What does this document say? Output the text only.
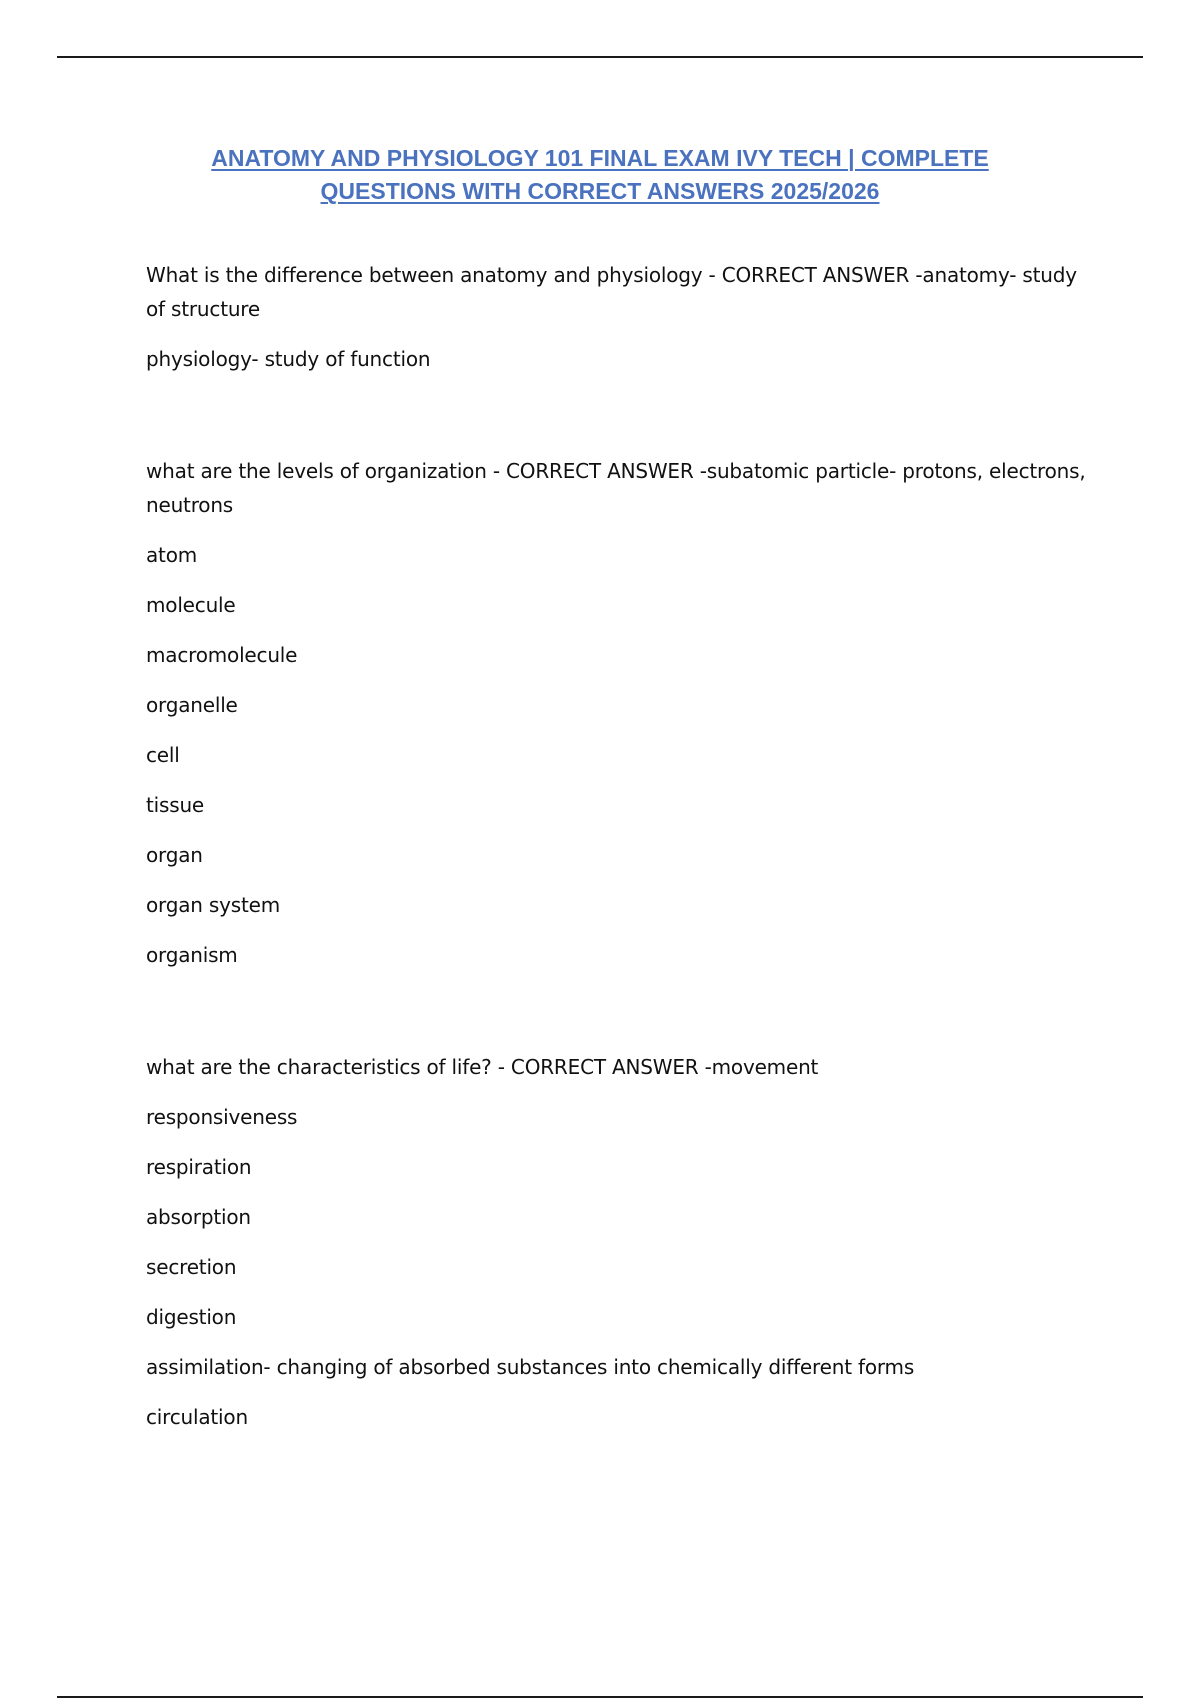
ANATOMY AND PHYSIOLOGY 101 FINAL EXAM IVY TECH | COMPLETE
QUESTIONS WITH CORRECT ANSWERS 2025/2026

What is the difference between anatomy and physiology - CORRECT ANSWER -anatomy- study of structure

physiology- study of function

what are the levels of organization - CORRECT ANSWER -subatomic particle- protons, electrons, neutrons

atom

molecule

macromolecule

organelle

cell

tissue

organ

organ system

organism

what are the characteristics of life? - CORRECT ANSWER -movement

responsiveness

respiration

absorption

secretion

digestion

assimilation- changing of absorbed substances into chemically different forms

circulation
